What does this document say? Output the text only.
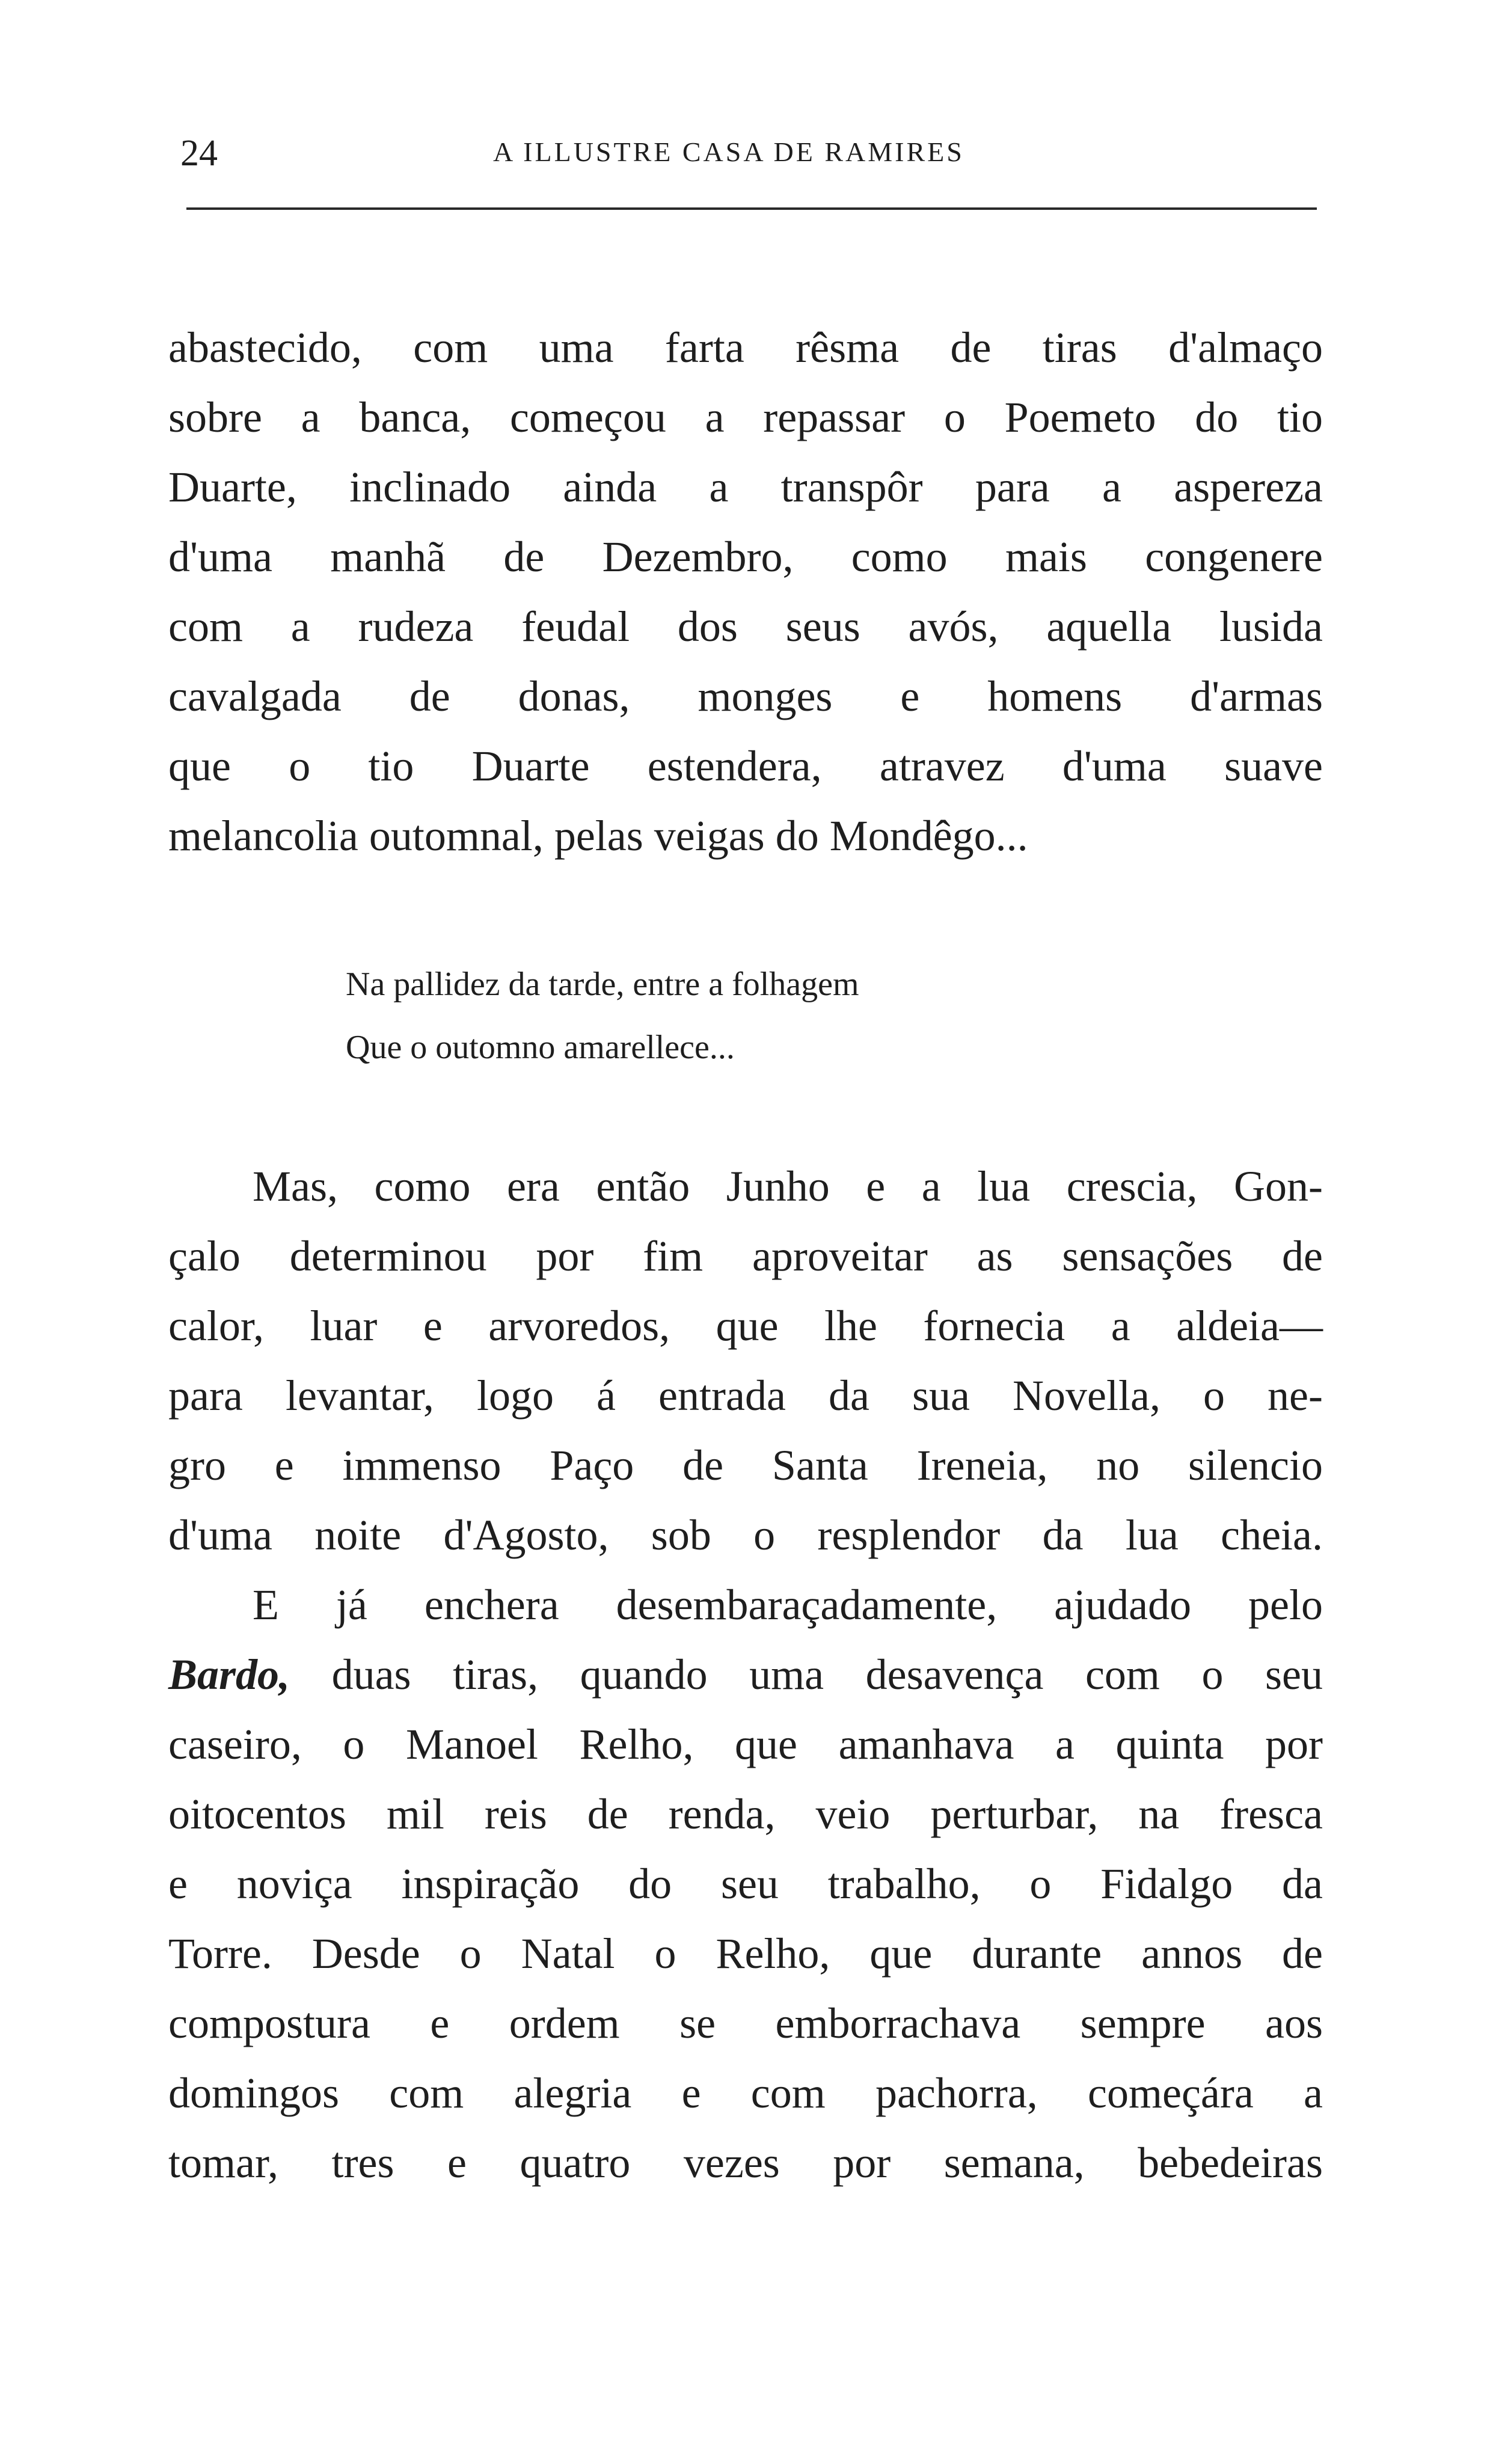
24	A ILLUSTRE CASA DE RAMIRES
abastecido, com uma farta rêsma de tiras d'almaço
sobre a banca, começou a repassar o Poemeto do tio
Duarte, inclinado ainda a transpôr para a aspereza
d'uma manhã de Dezembro, como mais congenere
com a rudeza feudal dos seus avós, aquella lusida
cavalgada de donas, monges e homens d'armas
que o tio Duarte estendera, atravez d'uma suave
melancolia outomnal, pelas veigas do Mondêgo...
Na pallidez da tarde, entre a folhagem
Que o outomno amarellece...
Mas, como era então Junho e a lua crescia, Gon-
çalo determinou por fim aproveitar as sensações de
calor, luar e arvoredos, que lhe fornecia a aldeia—
para levantar, logo á entrada da sua Novella, o ne-
gro e immenso Paço de Santa Ireneia, no silencio
d'uma noite d'Agosto, sob o resplendor da lua cheia.
E já enchera desembaraçadamente, ajudado pelo
Bardo, duas tiras, quando uma desavença com o seu
caseiro, o Manoel Relho, que amanhava a quinta por
oitocentos mil reis de renda, veio perturbar, na fresca
e noviça inspiração do seu trabalho, o Fidalgo da
Torre. Desde o Natal o Relho, que durante annos de
compostura e ordem se emborrachava sempre aos
domingos com alegria e com pachorra, começára a
tomar, tres e quatro vezes por semana, bebedeiras
